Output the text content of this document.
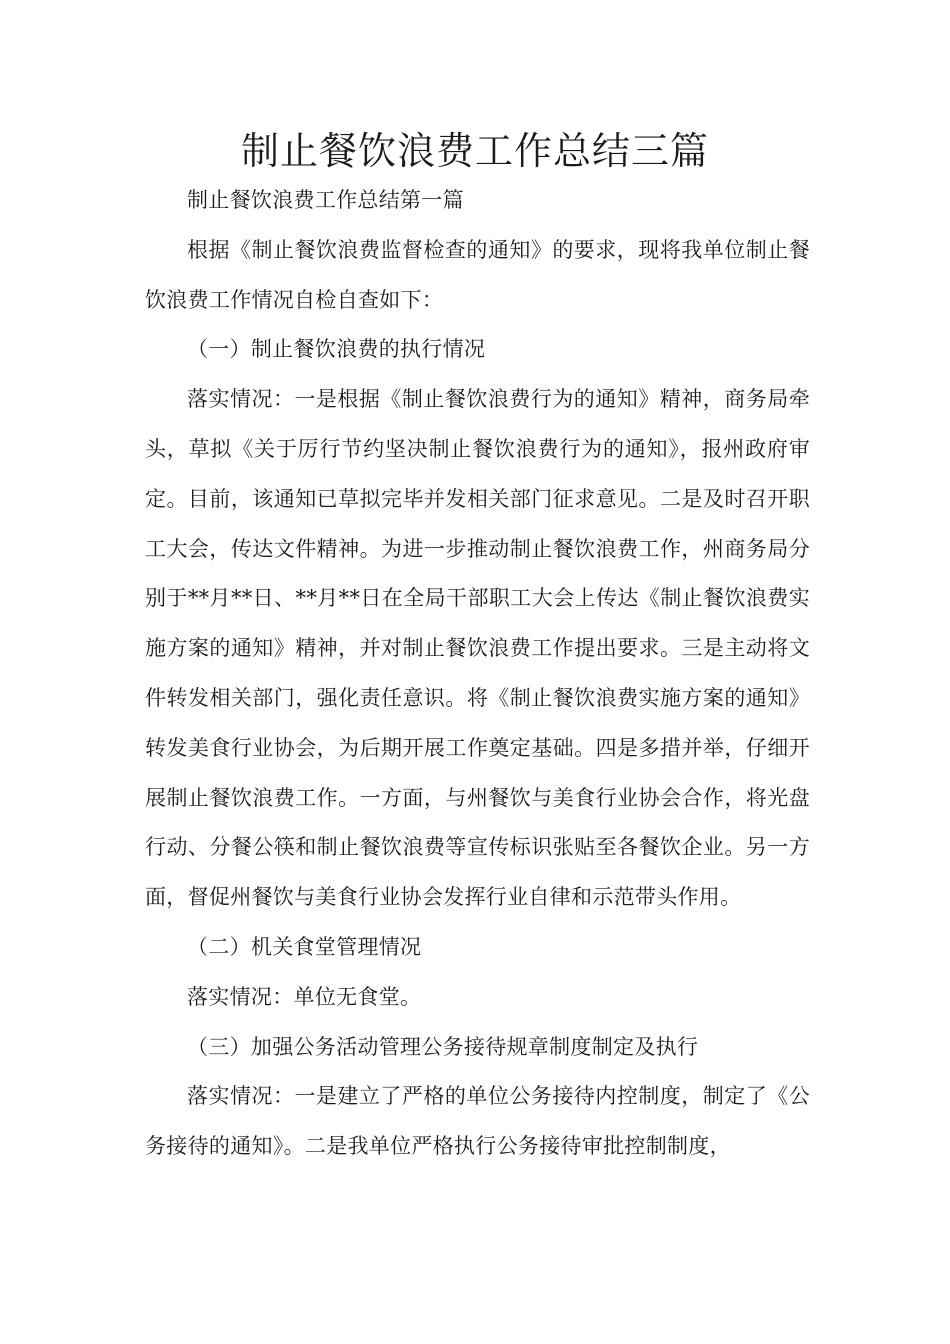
制止餐饮浪费工作总结三篇

制止餐饮浪费工作总结第一篇

根据《制止餐饮浪费监督检查的通知》的要求，现将我单位制止餐饮浪费工作情况自检自查如下：

（一）制止餐饮浪费的执行情况

落实情况：一是根据《制止餐饮浪费行为的通知》精神，商务局牵头，草拟《关于厉行节约坚决制止餐饮浪费行为的通知》，报州政府审定。目前，该通知已草拟完毕并发相关部门征求意见。二是及时召开职工大会，传达文件精神。为进一步推动制止餐饮浪费工作，州商务局分别于**月**日、**月**日在全局干部职工大会上传达《制止餐饮浪费实施方案的通知》精神，并对制止餐饮浪费工作提出要求。三是主动将文件转发相关部门，强化责任意识。将《制止餐饮浪费实施方案的通知》转发美食行业协会，为后期开展工作奠定基础。四是多措并举，仔细开展制止餐饮浪费工作。一方面，与州餐饮与美食行业协会合作，将光盘行动、分餐公筷和制止餐饮浪费等宣传标识张贴至各餐饮企业。另一方面，督促州餐饮与美食行业协会发挥行业自律和示范带头作用。

（二）机关食堂管理情况

落实情况：单位无食堂。

（三）加强公务活动管理公务接待规章制度制定及执行

落实情况：一是建立了严格的单位公务接待内控制度，制定了《公务接待的通知》。二是我单位严格执行公务接待审批控制制度，
